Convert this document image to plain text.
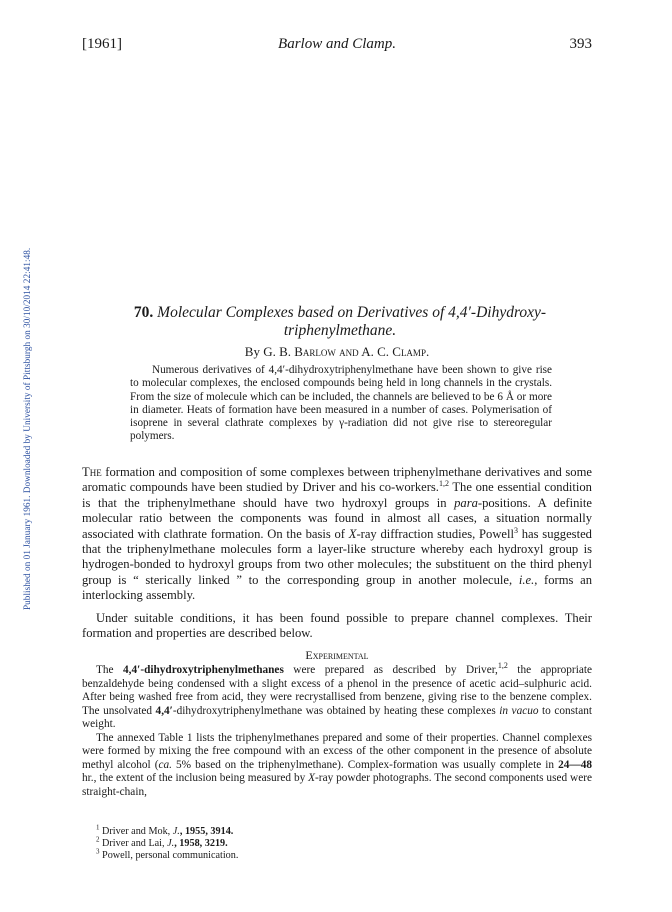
Published on 01 January 1961. Downloaded by University of Pittsburgh on 30/10/2014 22:41:48.
[1961]	Barlow and Clamp.	393
70. Molecular Complexes based on Derivatives of 4,4′-Dihydroxy-
triphenylmethane.
By G. B. Barlow and A. C. Clamp.
Numerous derivatives of 4,4′-dihydroxytriphenylmethane have been shown to give rise to molecular complexes, the enclosed compounds being held in long channels in the crystals. From the size of molecule which can be included, the channels are believed to be 6 Å or more in diameter. Heats of formation have been measured in a number of cases. Polymerisation of isoprene in several clathrate complexes by γ-radiation did not give rise to stereoregular polymers.

The formation and composition of some complexes between triphenylmethane derivatives and some aromatic compounds have been studied by Driver and his co-workers.$^{1,2}$ The one essential condition is that the triphenylmethane should have two hydroxyl groups in para-positions. A definite molecular ratio between the components was found in almost all cases, a situation normally associated with clathrate formation. On the basis of X-ray diffraction studies, Powell$^3$ has suggested that the triphenylmethane molecules form a layer-like structure whereby each hydroxyl group is hydrogen-bonded to hydroxyl groups from two other molecules; the substituent on the third phenyl group is “ sterically linked ” to the corresponding group in another molecule, i.e., forms an interlocking assembly.

Under suitable conditions, it has been found possible to prepare channel complexes. Their formation and properties are described below.

Experimental

The 4,4′-dihydroxytriphenylmethanes were prepared as described by Driver,$^{1,2}$ the appropriate benzaldehyde being condensed with a slight excess of a phenol in the presence of acetic acid–sulphuric acid. After being washed free from acid, they were recrystallised from benzene, giving rise to the benzene complex. The unsolvated 4,4′-dihydroxytriphenylmethane was obtained by heating these complexes in vacuo to constant weight.

The annexed Table 1 lists the triphenylmethanes prepared and some of their properties. Channel complexes were formed by mixing the free compound with an excess of the other component in the presence of absolute methyl alcohol (ca. 5% based on the triphenylmethane). Complex-formation was usually complete in 24—48 hr., the extent of the inclusion being measured by X-ray powder photographs. The second components used were straight-chain,

$^1$ Driver and Mok, J., 1955, 3914.
$^2$ Driver and Lai, J., 1958, 3219.
$^3$ Powell, personal communication.
